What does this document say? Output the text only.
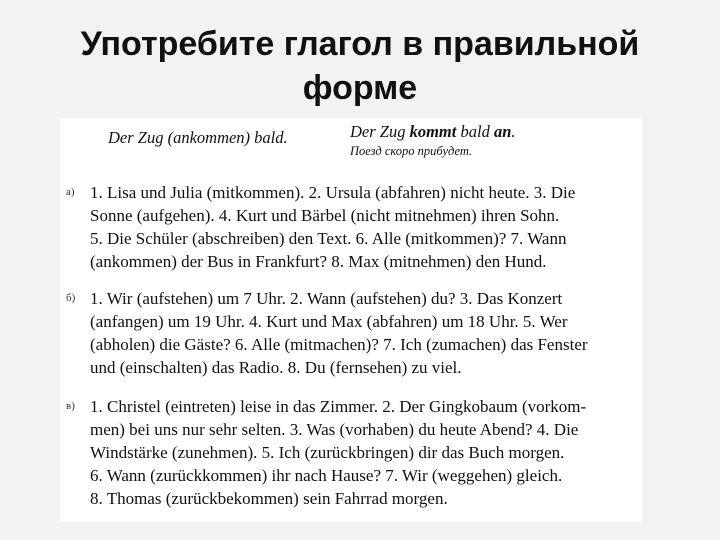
Употребите глагол в правильной
форме
Der Zug (ankommen) bald.	Der Zug kommt bald an.
Поезд скоро прибудет.
а) 1. Lisa und Julia (mitkommen). 2. Ursula (abfahren) nicht heute. 3. Die
Sonne (aufgehen). 4. Kurt und Bärbel (nicht mitnehmen) ihren Sohn.
5. Die Schüler (abschreiben) den Text. 6. Alle (mitkommen)? 7. Wann
(ankommen) der Bus in Frankfurt? 8. Max (mitnehmen) den Hund.
б) 1. Wir (aufstehen) um 7 Uhr. 2. Wann (aufstehen) du? 3. Das Konzert
(anfangen) um 19 Uhr. 4. Kurt und Max (abfahren) um 18 Uhr. 5. Wer
(abholen) die Gäste? 6. Alle (mitmachen)? 7. Ich (zumachen) das Fenster
und (einschalten) das Radio. 8. Du (fernsehen) zu viel.
в) 1. Christel (eintreten) leise in das Zimmer. 2. Der Gingkobaum (vorkom-
men) bei uns nur sehr selten. 3. Was (vorhaben) du heute Abend? 4. Die
Windstärke (zunehmen). 5. Ich (zurückbringen) dir das Buch morgen.
6. Wann (zurückkommen) ihr nach Hause? 7. Wir (weggehen) gleich.
8. Thomas (zurückbekommen) sein Fahrrad morgen.
